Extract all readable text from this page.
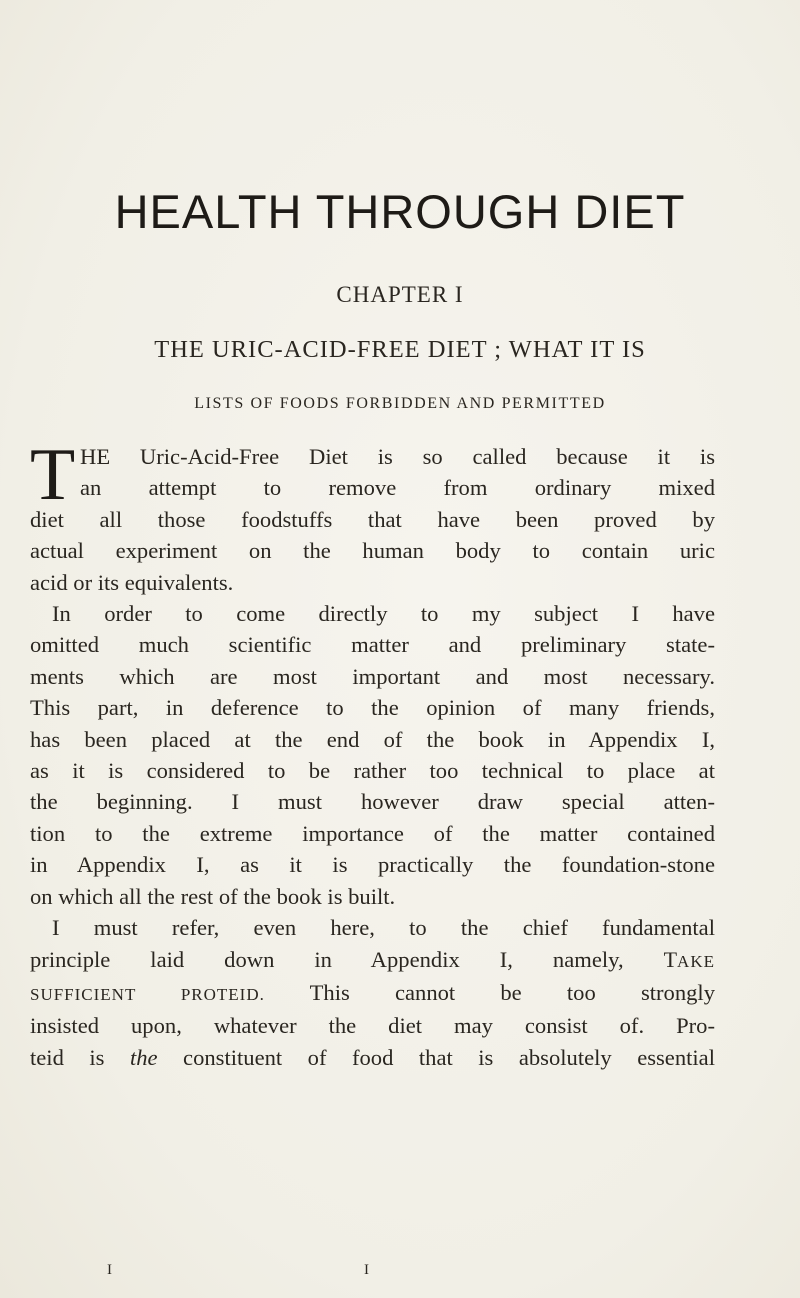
HEALTH THROUGH DIET
CHAPTER I
THE URIC-ACID-FREE DIET ; WHAT IT IS
LISTS OF FOODS FORBIDDEN AND PERMITTED
T HE Uric-Acid-Free Diet is so called because it is
an attempt to remove from ordinary mixed
diet all those foodstuffs that have been proved by
actual experiment on the human body to contain uric
acid or its equivalents.
In order to come directly to my subject I have
omitted much scientific matter and preliminary state-
ments which are most important and most necessary.
This part, in deference to the opinion of many friends,
has been placed at the end of the book in Appendix I,
as it is considered to be rather too technical to place at
the beginning. I must however draw special atten-
tion to the extreme importance of the matter contained
in Appendix I, as it is practically the foundation-stone
on which all the rest of the book is built.
I must refer, even here, to the chief fundamental
principle laid down in Appendix I, namely, TAKE
SUFFICIENT PROTEID. This cannot be too strongly
insisted upon, whatever the diet may consist of. Pro-
teid is the constituent of food that is absolutely essential
I	I
